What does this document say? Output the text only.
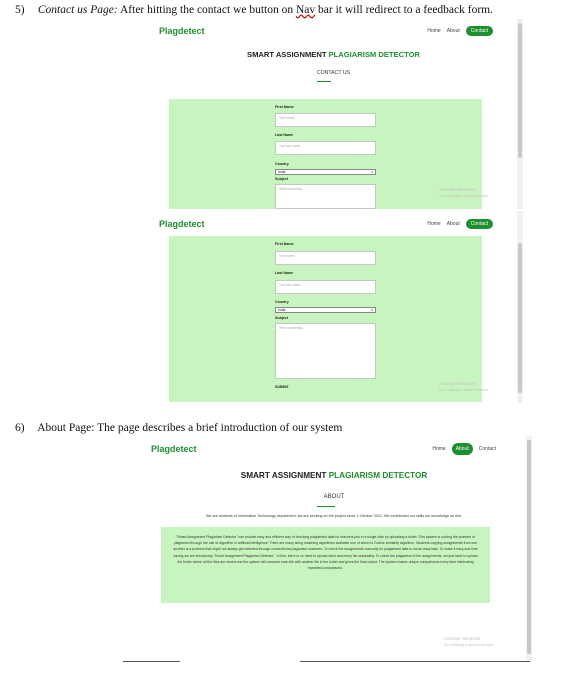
5) Contact us Page: After hitting the contact we button on Nav bar it will redirect to a feedback form.
Plagdetect	Home About	Contact
SMART ASSIGNMENT PLAGIARISM DETECTOR
CONTACT US
First Name
Your name..
Last Name
Your last name..
Country
India	▾
Subject
Write something..	Activate Windows
Go to Settings to activate Windows.
Plagdetect	Home About	Contact
First Name
Your name..
Last Name
Your last name..
Country
India	▾
Subject
Write something..
SUBMIT
Activate Windows
Go to Settings to activate Windows.
6) About Page: The page describes a brief introduction of our system
Plagdetect	Home	About	Contact
SMART ASSIGNMENT PLAGIARISM DETECTOR
ABOUT
We are students of Information Technology department, we are working on the project since 1 October 2021. We contributed our skills our knowledge on this.
"Smart Assignment Plagiarism Detector" can provide easy and efficient way of checking plagiarised data for teachers just in a single click by uploading a folder. This system is solving the problem of plagiarism through the use of algorithm in artificial intelligence. There are many string matching algorithms available one of which is Cosine similarity algorithm. Students copying assignments from one another is a problem that might not always get detected through conventional plagiarism scanners. To check the assignments manually for plagiarised data is not an easy task. To make it easy and time saving we are introducing "Smart Assignment Plagiarism Detector". In this, there is no need to upload each and every file separately. To check the plagiarism of the assignments, we just have to upload the folder where all the files are stored and the system will compare each file with another file in the folder and gives the final output. The system makes unique comparisons every time eliminating repeated comparisons.
Activate Windows
Go to Settings to activate Windows.
